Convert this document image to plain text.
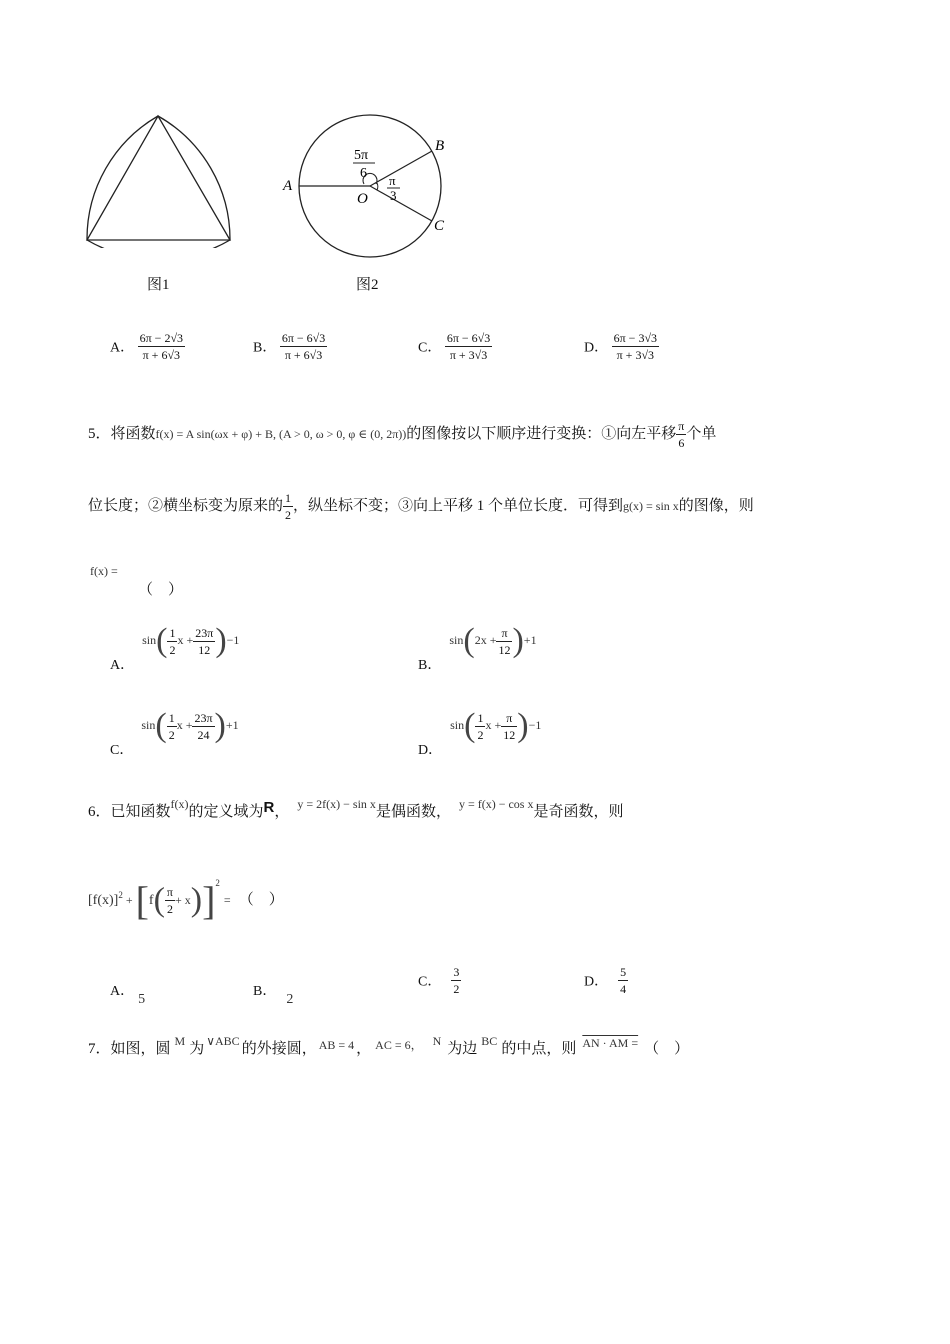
图1
A
B
C
O
5π
6 π
3
图2
A． $\frac{6\pi - 2√3}{\pi + 6√3}$	B． $\frac{6\pi - 6√3}{\pi + 6√3}$	C． $\frac{6\pi - 6√3}{\pi + 3√3}$	D． $\frac{6\pi - 3√3}{\pi + 3√3}$
5．将函数f(x) = A sin(ωx + φ) + B, (A > 0, ω > 0, φ ∈ (0, 2π))的图像按以下顺序进行变换：①向左平移 $\frac{\pi}{6}$ 个单
位长度；②横坐标变为原来的 $\frac{1}{2}$ ，纵坐标不变；③向上平移 1 个单位长度．可得到g(x) = sin x的图像，则
f(x) =
（　）
A．$\sin( \frac{1}{2}$ $x + \frac{23\pi}{12} )-1$
B．$\sin(2x + \frac{\pi}{12} )+1$
C．$\sin( \frac{1}{2}$ $x + \frac{23\pi}{24} )+1$
D．$\sin( \frac{1}{2}$ $x + \frac{\pi}{12} )-1$
6．已知函数$^{f(x)}$的定义域为R， $^{y = 2f(x) - sin x}$是偶函数， $^{y = f(x) - cos x}$是奇函数，则
$[f(x)]^2 +[f( \frac{\pi}{2} + x)]^2=$ （　）
A．5
B．2
C． $\frac{3}{2}$	D． $\frac{5}{4}$
7．如图，圆 $^M$ 为 $^{\vee ABC}$ 的外接圆， $^{AB = 4}$ ， $^{AC = 6,}$ $^N$ 为边 $^{BC}$ 的中点，则 $^{AN \cdot AM =}$ （　）
